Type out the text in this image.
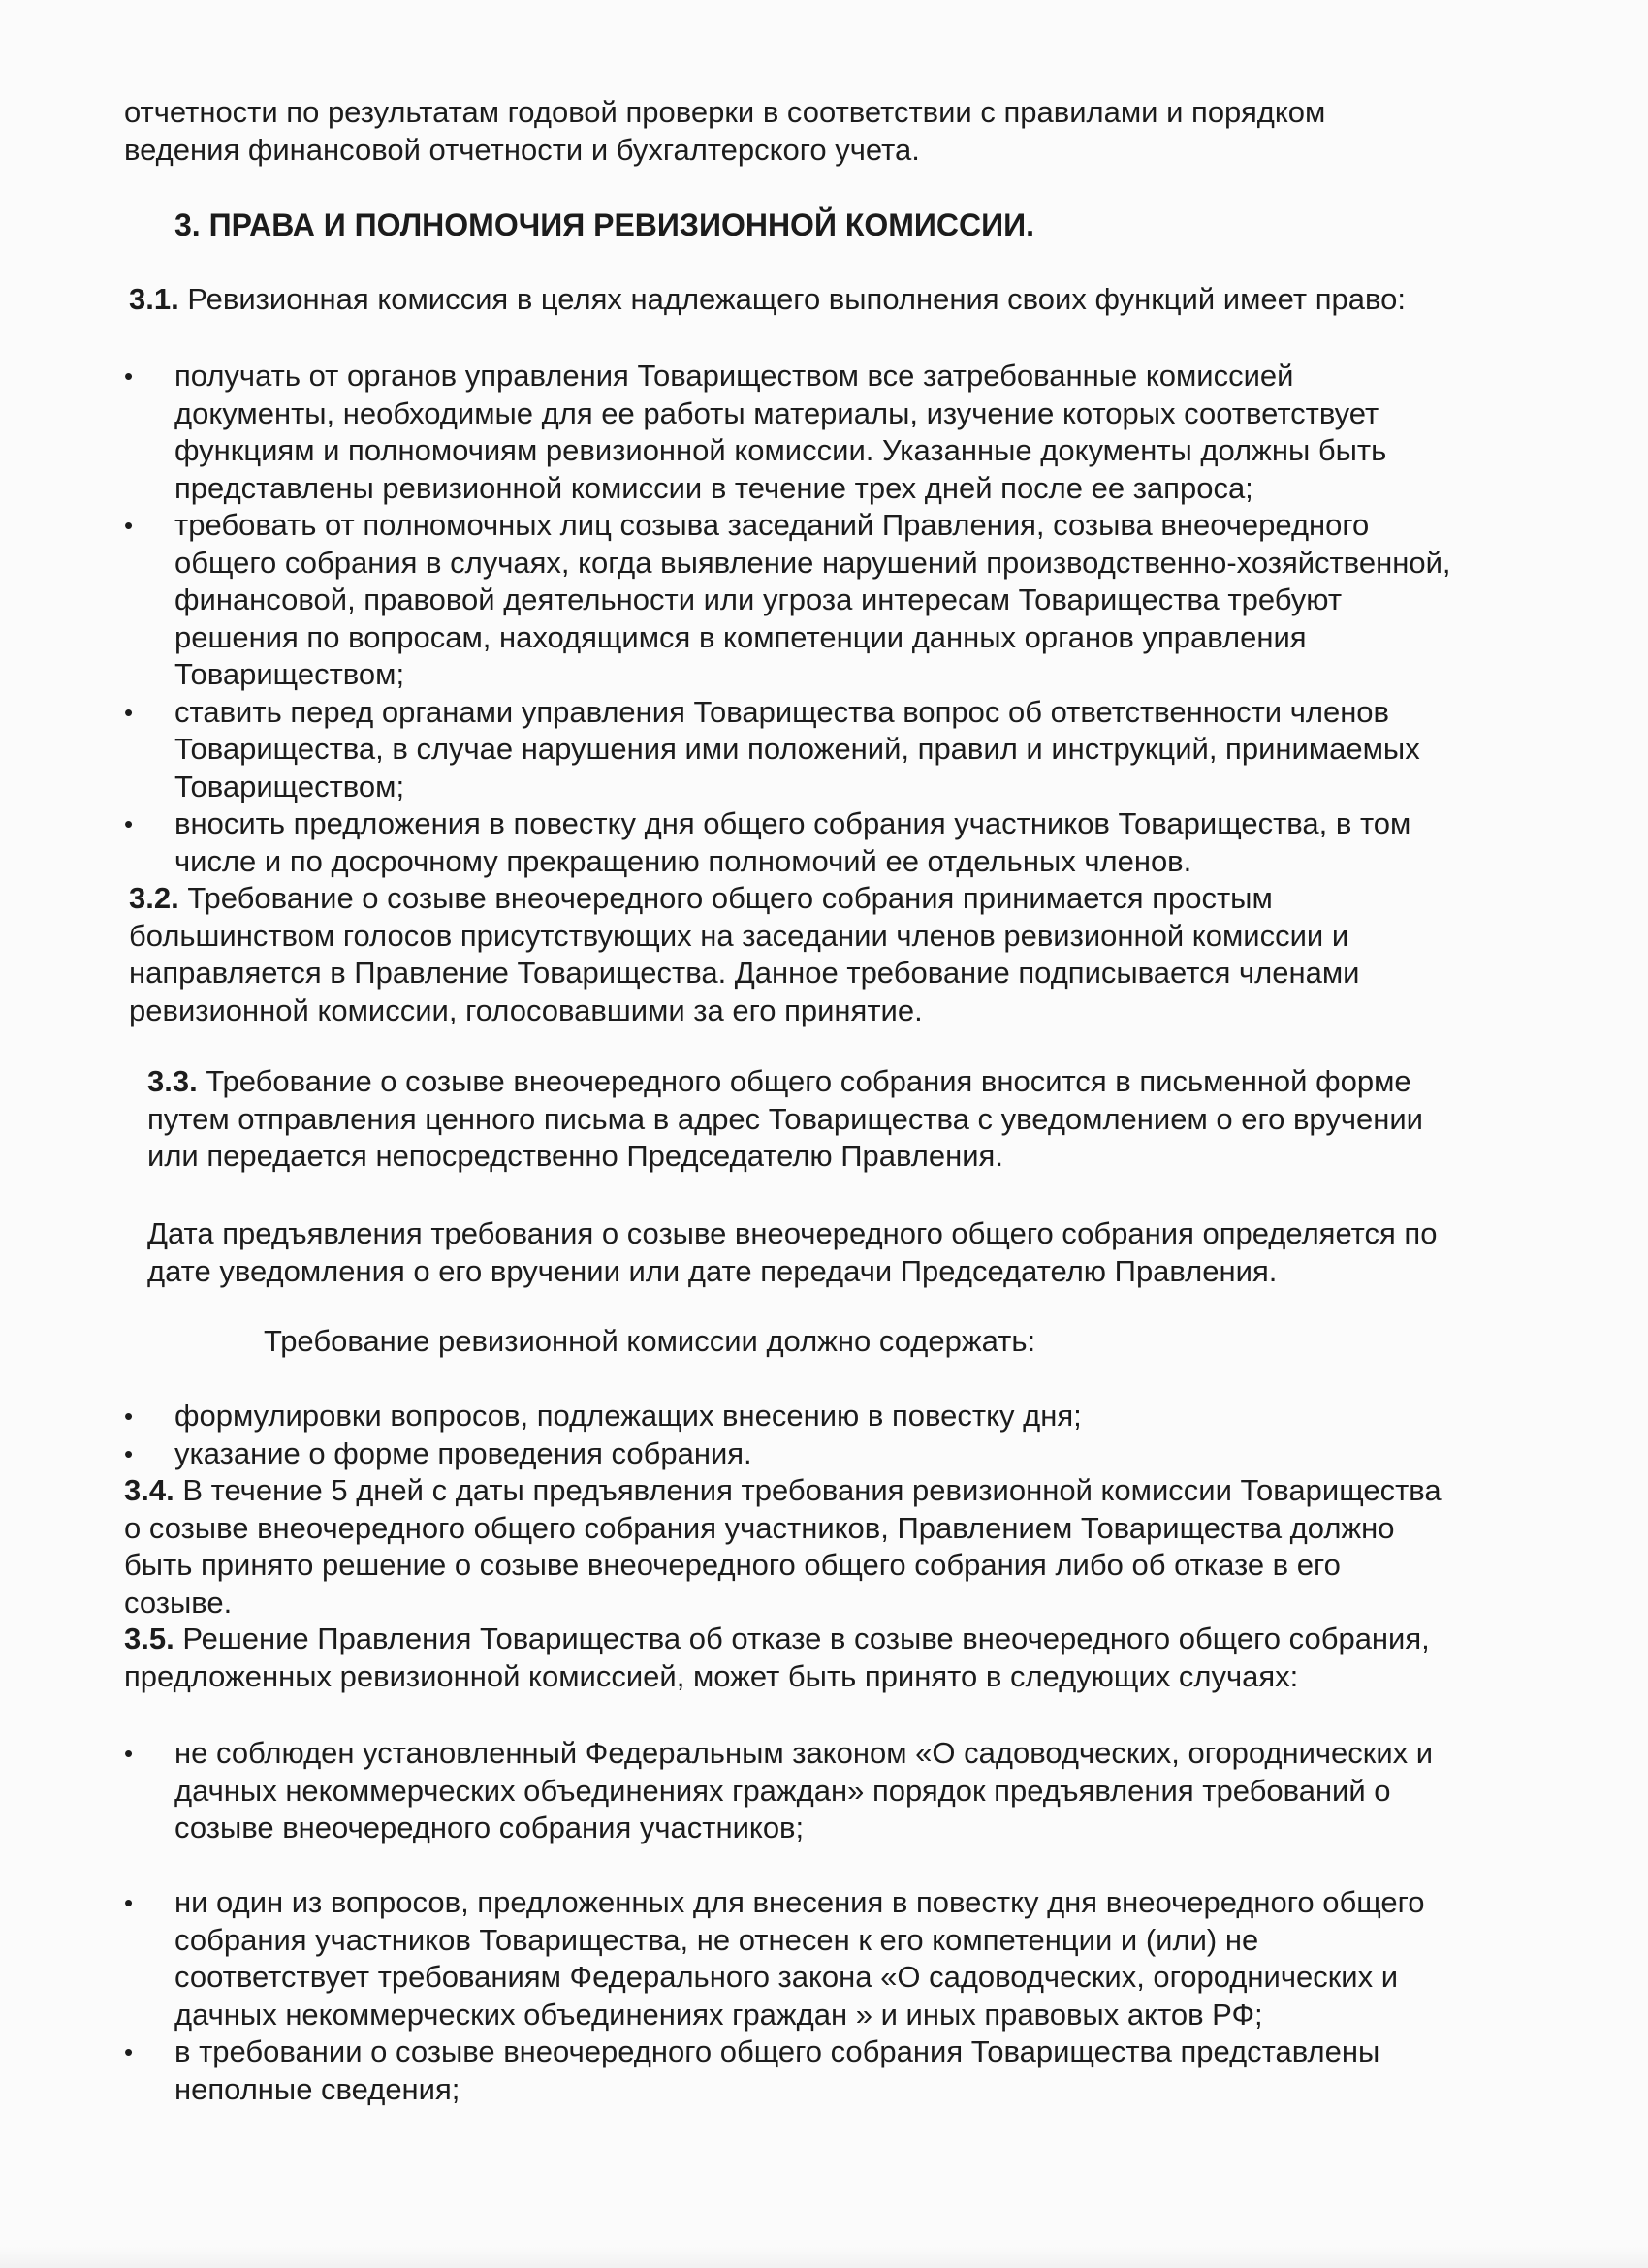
отчетности по результатам годовой проверки в соответствии с правилами и порядком

ведения финансовой отчетности и бухгалтерского учета.

3. ПРАВА И ПОЛНОМОЧИЯ РЕВИЗИОННОЙ КОМИССИИ.

3.1. Ревизионная комиссия в целях надлежащего выполнения своих функций имеет право:

• получать от органов управления Товариществом все затребованные комиссией

документы, необходимые для ее работы материалы, изучение которых соответствует

функциям и полномочиям ревизионной комиссии. Указанные документы должны быть

представлены ревизионной комиссии в течение трех дней после ее запроса;

• требовать от полномочных лиц созыва заседаний Правления, созыва внеочередного

общего собрания в случаях, когда выявление нарушений производственно-хозяйственной,

финансовой, правовой деятельности или угроза интересам Товарищества требуют

решения по вопросам, находящимся в компетенции данных органов управления

Товариществом;

• ставить перед органами управления Товарищества вопрос об ответственности членов

Товарищества, в случае нарушения ими положений, правил и инструкций, принимаемых

Товариществом;

• вносить предложения в повестку дня общего собрания участников Товарищества, в том

числе и по досрочному прекращению полномочий ее отдельных членов.

3.2. Требование о созыве внеочередного общего собрания принимается простым

большинством голосов присутствующих на заседании членов ревизионной комиссии и

направляется в Правление Товарищества. Данное требование подписывается членами

ревизионной комиссии, голосовавшими за его принятие.

3.3. Требование о созыве внеочередного общего собрания вносится в письменной форме

путем отправления ценного письма в адрес Товарищества с уведомлением о его вручении

или передается непосредственно Председателю Правления.

Дата предъявления требования о созыве внеочередного общего собрания определяется по

дате уведомления о его вручении или дате передачи Председателю Правления.

Требование ревизионной комиссии должно содержать:

• формулировки вопросов, подлежащих внесению в повестку дня;

• указание о форме проведения собрания.

3.4. В течение 5 дней с даты предъявления требования ревизионной комиссии Товарищества

о созыве внеочередного общего собрания участников, Правлением Товарищества должно

быть принято решение о созыве внеочередного общего собрания либо об отказе в его

созыве.

3.5. Решение Правления Товарищества об отказе в созыве внеочередного общего собрания,

предложенных ревизионной комиссией, может быть принято в следующих случаях:

• не соблюден установленный Федеральным законом «О садоводческих, огороднических и

дачных некоммерческих объединениях граждан» порядок предъявления требований о

созыве внеочередного собрания участников;

• ни один из вопросов, предложенных для внесения в повестку дня внеочередного общего

собрания участников Товарищества, не отнесен к его компетенции и (или) не

соответствует требованиям Федерального закона «О садоводческих, огороднических и

дачных некоммерческих объединениях граждан » и иных правовых актов РФ;

• в требовании о созыве внеочередного общего собрания Товарищества представлены

неполные сведения;
